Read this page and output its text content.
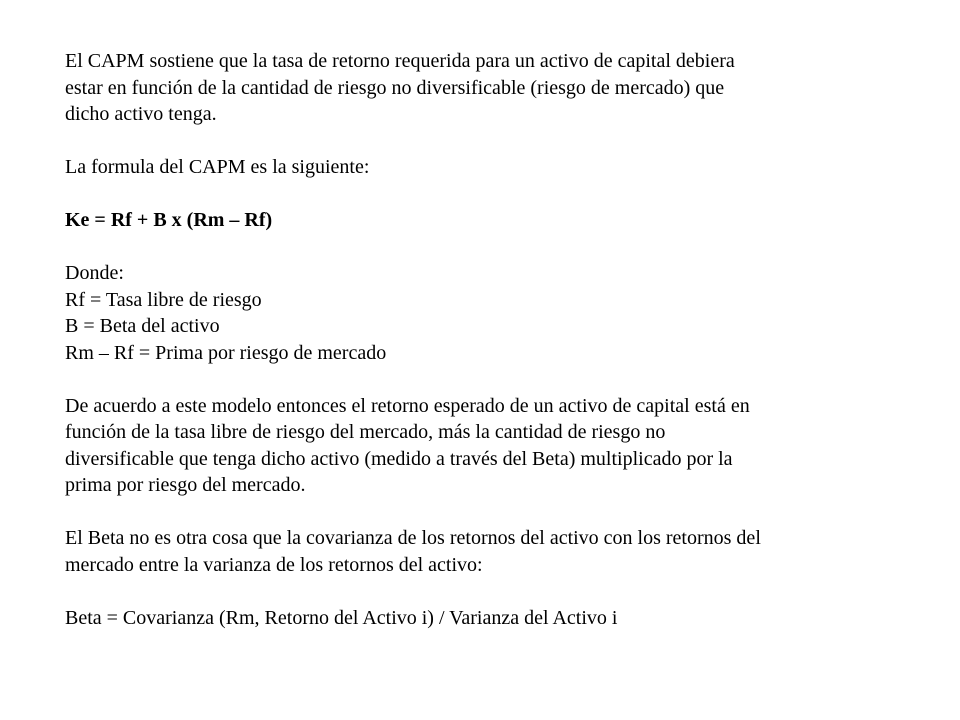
El CAPM sostiene que la tasa de retorno requerida para un activo de capital debiera
estar en función de la cantidad de riesgo no diversificable (riesgo de mercado) que
dicho activo tenga.
La formula del CAPM es la siguiente:
Ke = Rf + B x (Rm – Rf)
Donde:
Rf = Tasa libre de riesgo
B = Beta del activo
Rm – Rf = Prima por riesgo de mercado
De acuerdo a este modelo entonces el retorno esperado de un activo de capital está en
función de la tasa libre de riesgo del mercado, más la cantidad de riesgo no
diversificable que tenga dicho activo (medido a través del Beta) multiplicado por la
prima por riesgo del mercado.
El Beta no es otra cosa que la covarianza de los retornos del activo con los retornos del
mercado entre la varianza de los retornos del activo:
Beta = Covarianza (Rm, Retorno del Activo i) / Varianza del Activo i
